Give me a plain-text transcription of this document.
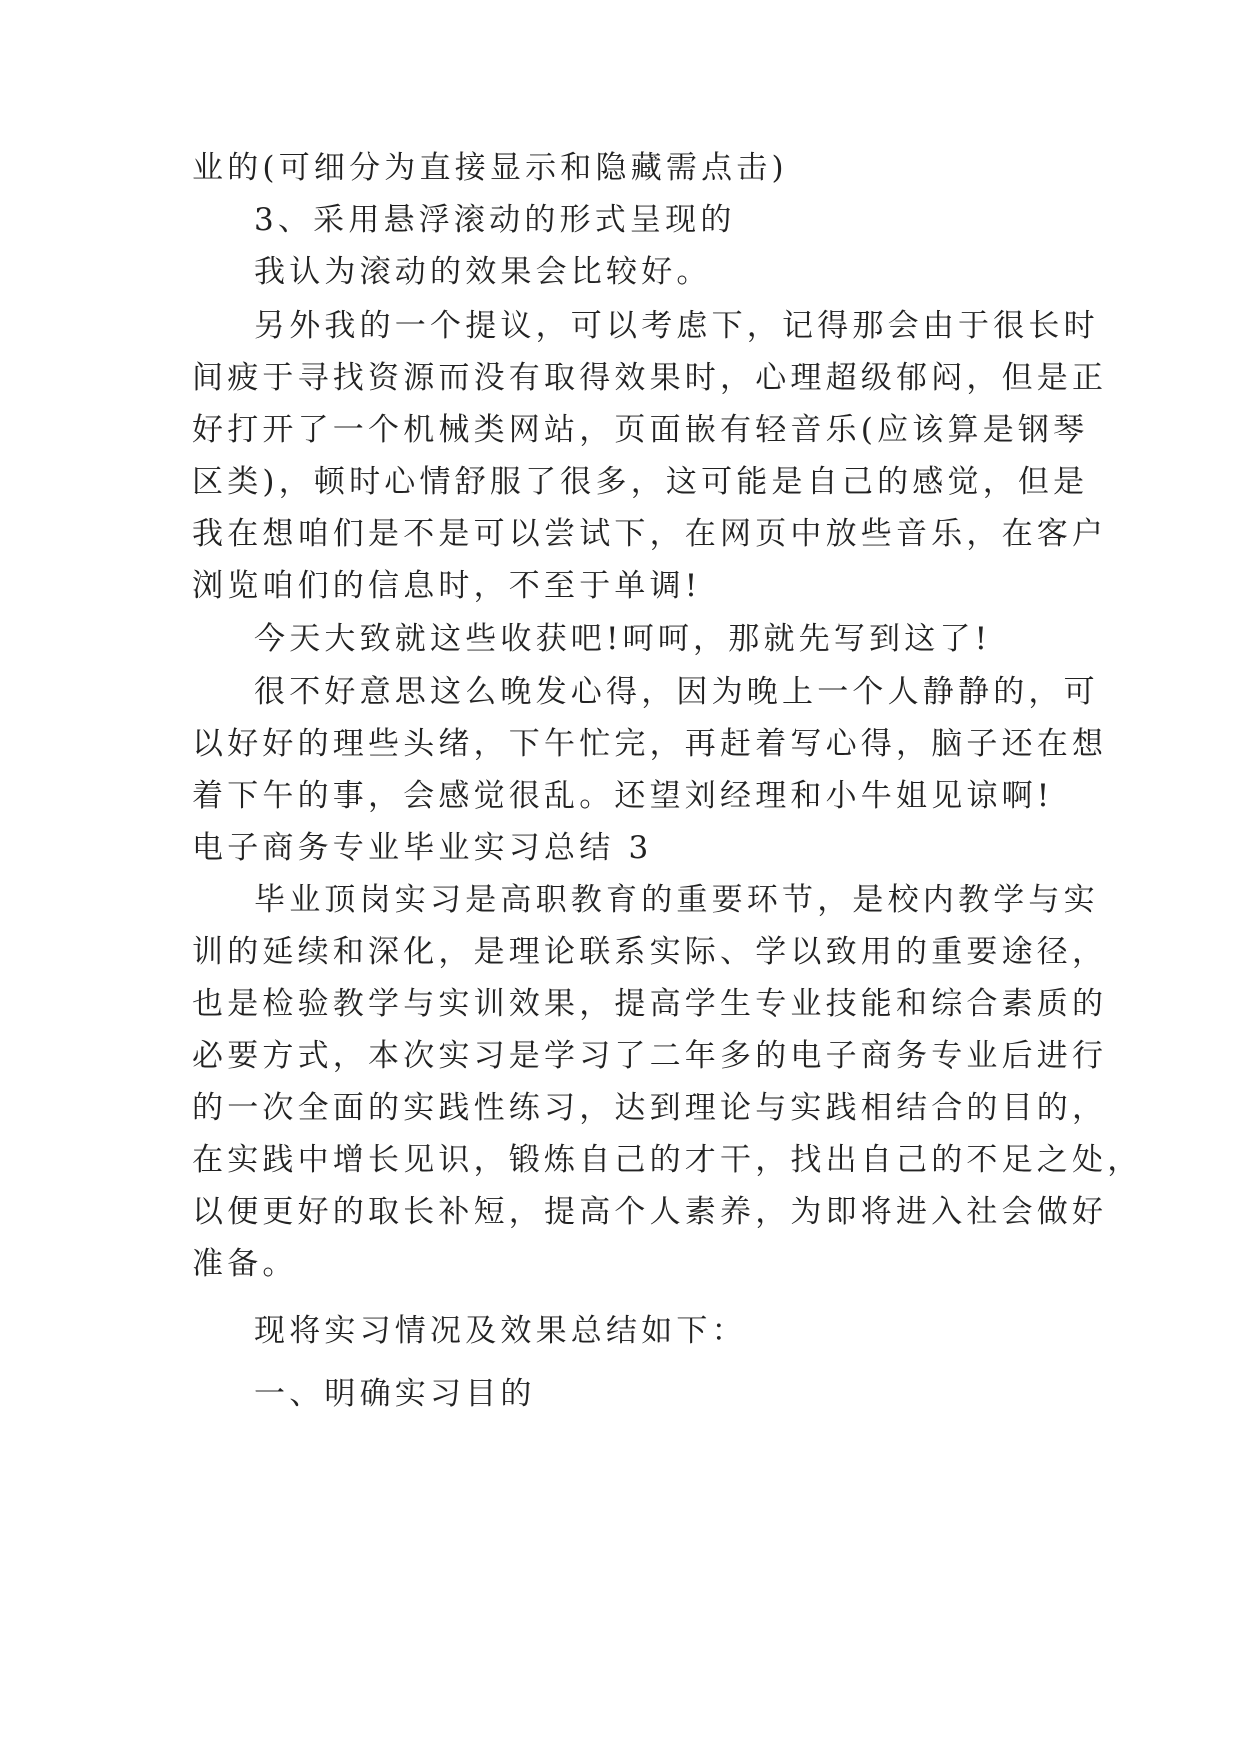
业的(可细分为直接显示和隐藏需点击)
3、采用悬浮滚动的形式呈现的
我认为滚动的效果会比较好。
另外我的一个提议，可以考虑下，记得那会由于很长时
间疲于寻找资源而没有取得效果时，心理超级郁闷，但是正
好打开了一个机械类网站，页面嵌有轻音乐(应该算是钢琴
区类)，顿时心情舒服了很多，这可能是自己的感觉，但是
我在想咱们是不是可以尝试下，在网页中放些音乐，在客户
浏览咱们的信息时，不至于单调!
今天大致就这些收获吧!呵呵，那就先写到这了!
很不好意思这么晚发心得，因为晚上一个人静静的，可
以好好的理些头绪，下午忙完，再赶着写心得，脑子还在想
着下午的事，会感觉很乱。还望刘经理和小牛姐见谅啊!
电子商务专业毕业实习总结 3
毕业顶岗实习是高职教育的重要环节，是校内教学与实
训的延续和深化，是理论联系实际、学以致用的重要途径，
也是检验教学与实训效果，提高学生专业技能和综合素质的
必要方式，本次实习是学习了二年多的电子商务专业后进行
的一次全面的实践性练习，达到理论与实践相结合的目的，
在实践中增长见识，锻炼自己的才干，找出自己的不足之处，
以便更好的取长补短，提高个人素养，为即将进入社会做好
准备。
现将实习情况及效果总结如下：
一、明确实习目的
